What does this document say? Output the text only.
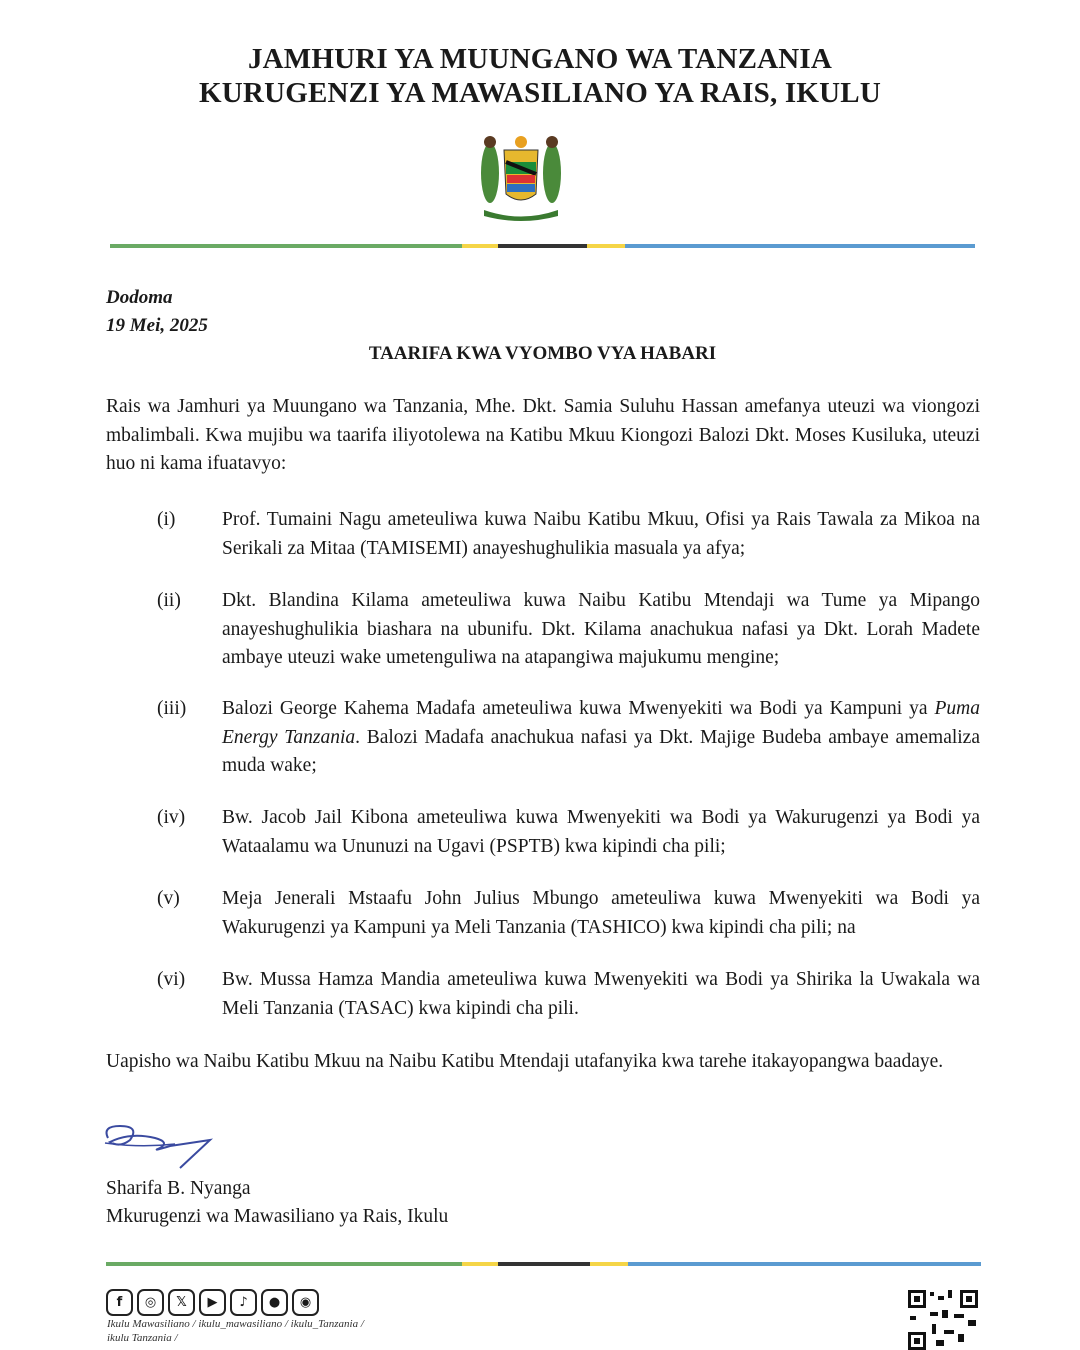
JAMHURI YA MUUNGANO WA TANZANIA
KURUGENZI YA MAWASILIANO YA RAIS, IKULU
Dodoma
19 Mei, 2025
TAARIFA KWA VYOMBO VYA HABARI
Rais wa Jamhuri ya Muungano wa Tanzania, Mhe. Dkt. Samia Suluhu Hassan amefanya uteuzi wa viongozi mbalimbali. Kwa mujibu wa taarifa iliyotolewa na Katibu Mkuu Kiongozi Balozi Dkt. Moses Kusiluka, uteuzi huo ni kama ifuatavyo:
(i) Prof. Tumaini Nagu ameteuliwa kuwa Naibu Katibu Mkuu, Ofisi ya Rais Tawala za Mikoa na Serikali za Mitaa (TAMISEMI) anayeshughulikia masuala ya afya;
(ii) Dkt. Blandina Kilama ameteuliwa kuwa Naibu Katibu Mtendaji wa Tume ya Mipango anayeshughulikia biashara na ubunifu. Dkt. Kilama anachukua nafasi ya Dkt. Lorah Madete ambaye uteuzi wake umetenguliwa na atapangiwa majukumu mengine;
(iii) Balozi George Kahema Madafa ameteuliwa kuwa Mwenyekiti wa Bodi ya Kampuni ya Puma Energy Tanzania. Balozi Madafa anachukua nafasi ya Dkt. Majige Budeba ambaye amemaliza muda wake;
(iv) Bw. Jacob Jail Kibona ameteuliwa kuwa Mwenyekiti wa Bodi ya Wakurugenzi ya Bodi ya Wataalamu wa Ununuzi na Ugavi (PSPTB) kwa kipindi cha pili;
(v) Meja Jenerali Mstaafu John Julius Mbungo ameteuliwa kuwa Mwenyekiti wa Bodi ya Wakurugenzi ya Kampuni ya Meli Tanzania (TASHICO) kwa kipindi cha pili; na
(vi) Bw. Mussa Hamza Mandia ameteuliwa kuwa Mwenyekiti wa Bodi ya Shirika la Uwakala wa Meli Tanzania (TASAC) kwa kipindi cha pili.
Uapisho wa Naibu Katibu Mkuu na Naibu Katibu Mtendaji utafanyika kwa tarehe itakayopangwa baadaye.
Sharifa B. Nyanga
Mkurugenzi wa Mawasiliano ya Rais, Ikulu
f	◎	𝕏	▶	♪	●	◉
Ikulu Mawasiliano / ikulu_mawasiliano / ikulu_Tanzania / ikulu Tanzania /
